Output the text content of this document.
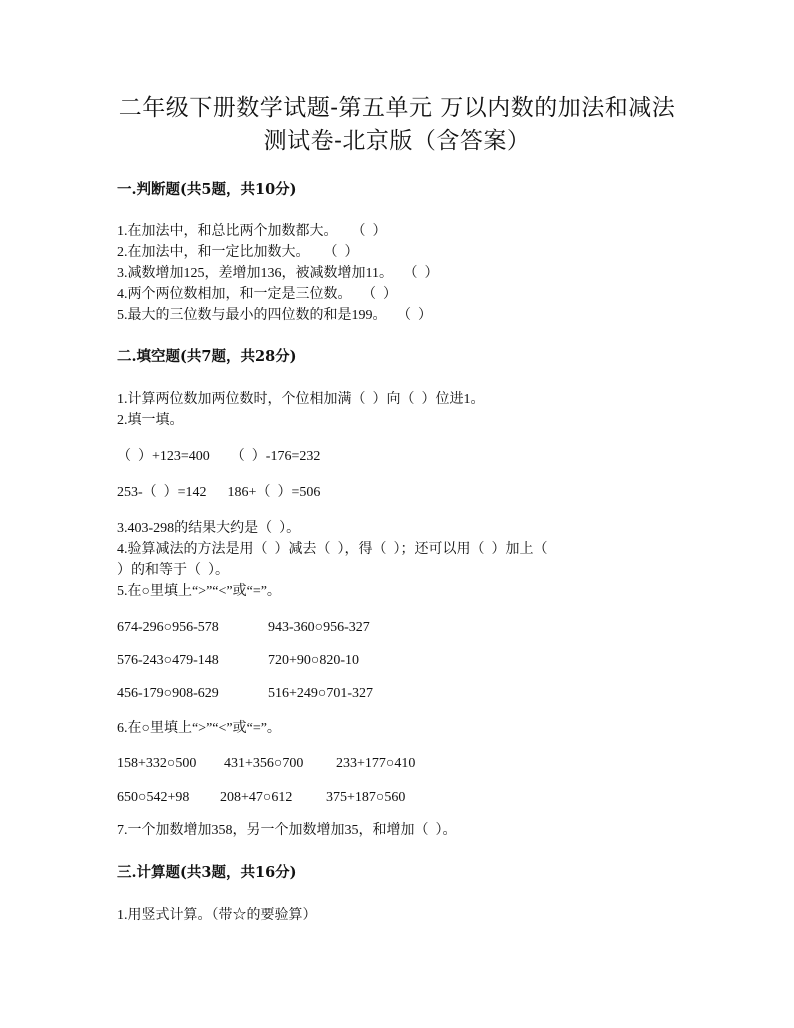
二年级下册数学试题-第五单元 万以内数的加法和减法
测试卷-北京版（含答案）
一.判断题(共5题，共10分)
1.在加法中，和总比两个加数都大。    （  ）
2.在加法中，和一定比加数大。    （  ）
3.减数增加125，差增加136，被减数增加11。   （  ）
4.两个两位数相加，和一定是三位数。   （  ）
5.最大的三位数与最小的四位数的和是199。   （  ）
二.填空题(共7题，共28分)
1.计算两位数加两位数时，个位相加满（  ）向（  ）位进1。
2.填一填。
（  ）+123=400      （  ）-176=232
253-（  ）=142      186+（  ）=506
3.403-298的结果大约是（  ）。
4.验算减法的方法是用（  ）减去（  ），得（  ）；还可以用（  ）加上（
）的和等于（  ）。
5.在○里填上“>”“<”或“=”。
674-296○956-578	943-360○956-327
576-243○479-148	720+90○820-10
456-179○908-629	516+249○701-327
6.在○里填上“>”“<”或“=”。
158+332○500 431+356○700 233+177○410
650○542+98 208+47○612 375+187○560
7.一个加数增加358，另一个加数增加35，和增加（  ）。
三.计算题(共3题，共16分)
1.用竖式计算。（带☆的要验算）
